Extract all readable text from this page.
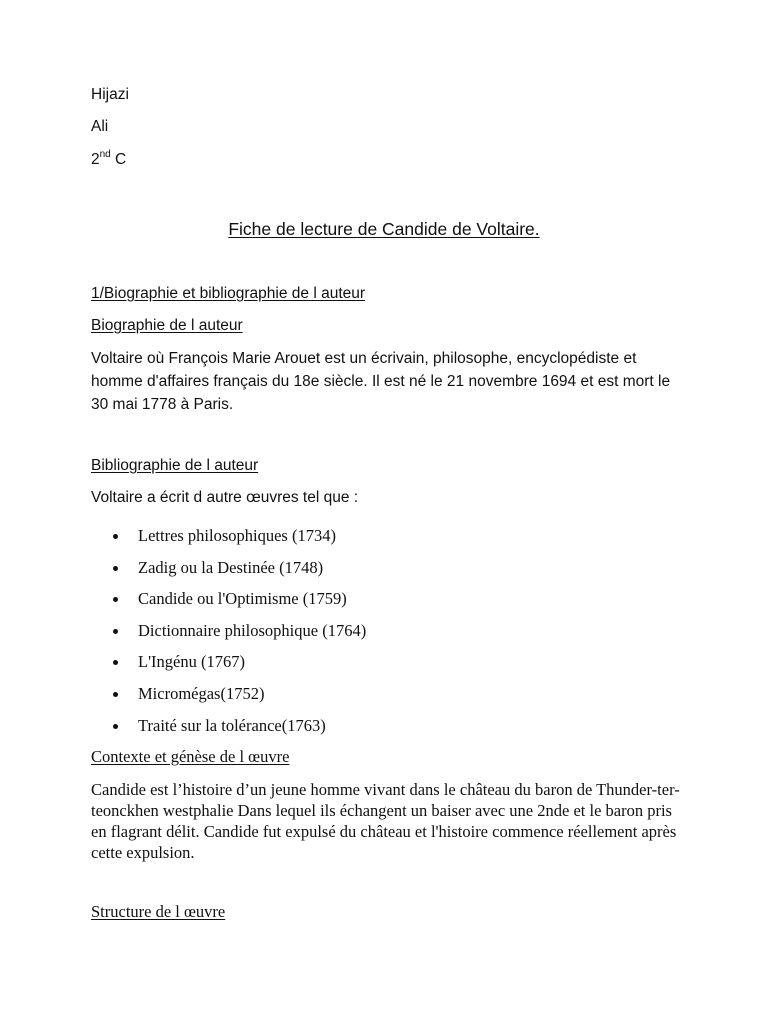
Hijazi
Ali
2nd C
Fiche de lecture de Candide de Voltaire.
1/Biographie et bibliographie de l auteur
Biographie de l auteur
Voltaire où François Marie Arouet est un écrivain, philosophe, encyclopédiste et homme d'affaires français du 18e siècle. Il est né le 21 novembre 1694 et est mort le 30 mai 1778 à Paris.
Bibliographie de l auteur
Voltaire a écrit d autre œuvres tel que :
Lettres philosophiques (1734)
Zadig ou la Destinée (1748)
Candide ou l'Optimisme (1759)
Dictionnaire philosophique (1764)
L'Ingénu (1767)
Micromégas(1752)
Traité sur la tolérance(1763)
Contexte et génèse de l œuvre
Candide est l’histoire d’un jeune homme vivant dans le château du baron de Thunder-ter-teonckhen westphalie Dans lequel ils échangent un baiser avec une 2nde et le baron pris en flagrant délit. Candide fut expulsé du château et l'histoire commence réellement après cette expulsion.
Structure de l œuvre
